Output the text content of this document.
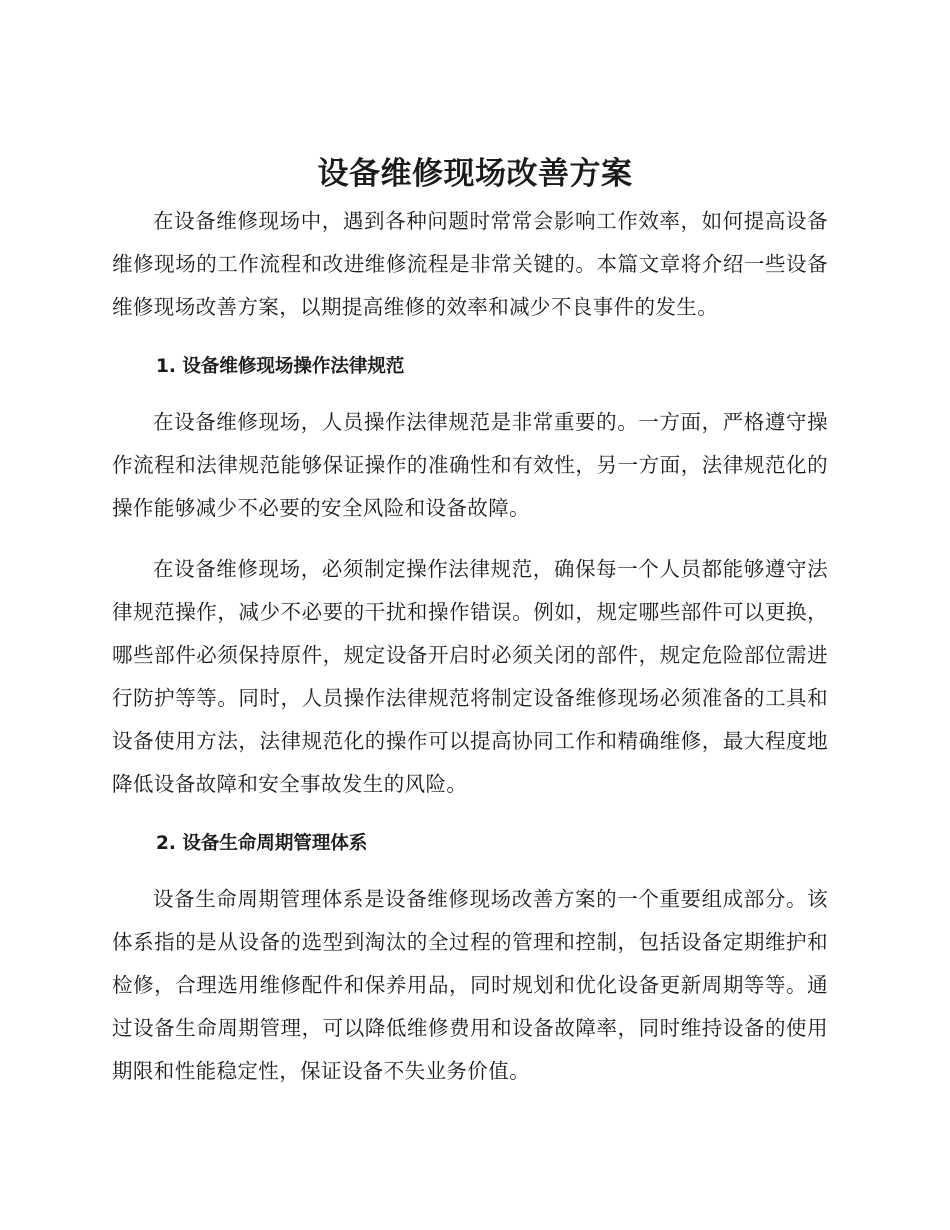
设备维修现场改善方案

在设备维修现场中，遇到各种问题时常常会影响工作效率，如何提高设备维修现场的工作流程和改进维修流程是非常关键的。本篇文章将介绍一些设备维修现场改善方案，以期提高维修的效率和减少不良事件的发生。

1. 设备维修现场操作法律规范

在设备维修现场，人员操作法律规范是非常重要的。一方面，严格遵守操作流程和法律规范能够保证操作的准确性和有效性，另一方面，法律规范化的操作能够减少不必要的安全风险和设备故障。

在设备维修现场，必须制定操作法律规范，确保每一个人员都能够遵守法律规范操作，减少不必要的干扰和操作错误。例如，规定哪些部件可以更换，哪些部件必须保持原件，规定设备开启时必须关闭的部件，规定危险部位需进行防护等等。同时，人员操作法律规范将制定设备维修现场必须准备的工具和设备使用方法，法律规范化的操作可以提高协同工作和精确维修，最大程度地降低设备故障和安全事故发生的风险。

2. 设备生命周期管理体系

设备生命周期管理体系是设备维修现场改善方案的一个重要组成部分。该体系指的是从设备的选型到淘汰的全过程的管理和控制，包括设备定期维护和检修，合理选用维修配件和保养用品，同时规划和优化设备更新周期等等。通过设备生命周期管理，可以降低维修费用和设备故障率，同时维持设备的使用期限和性能稳定性，保证设备不失业务价值。
